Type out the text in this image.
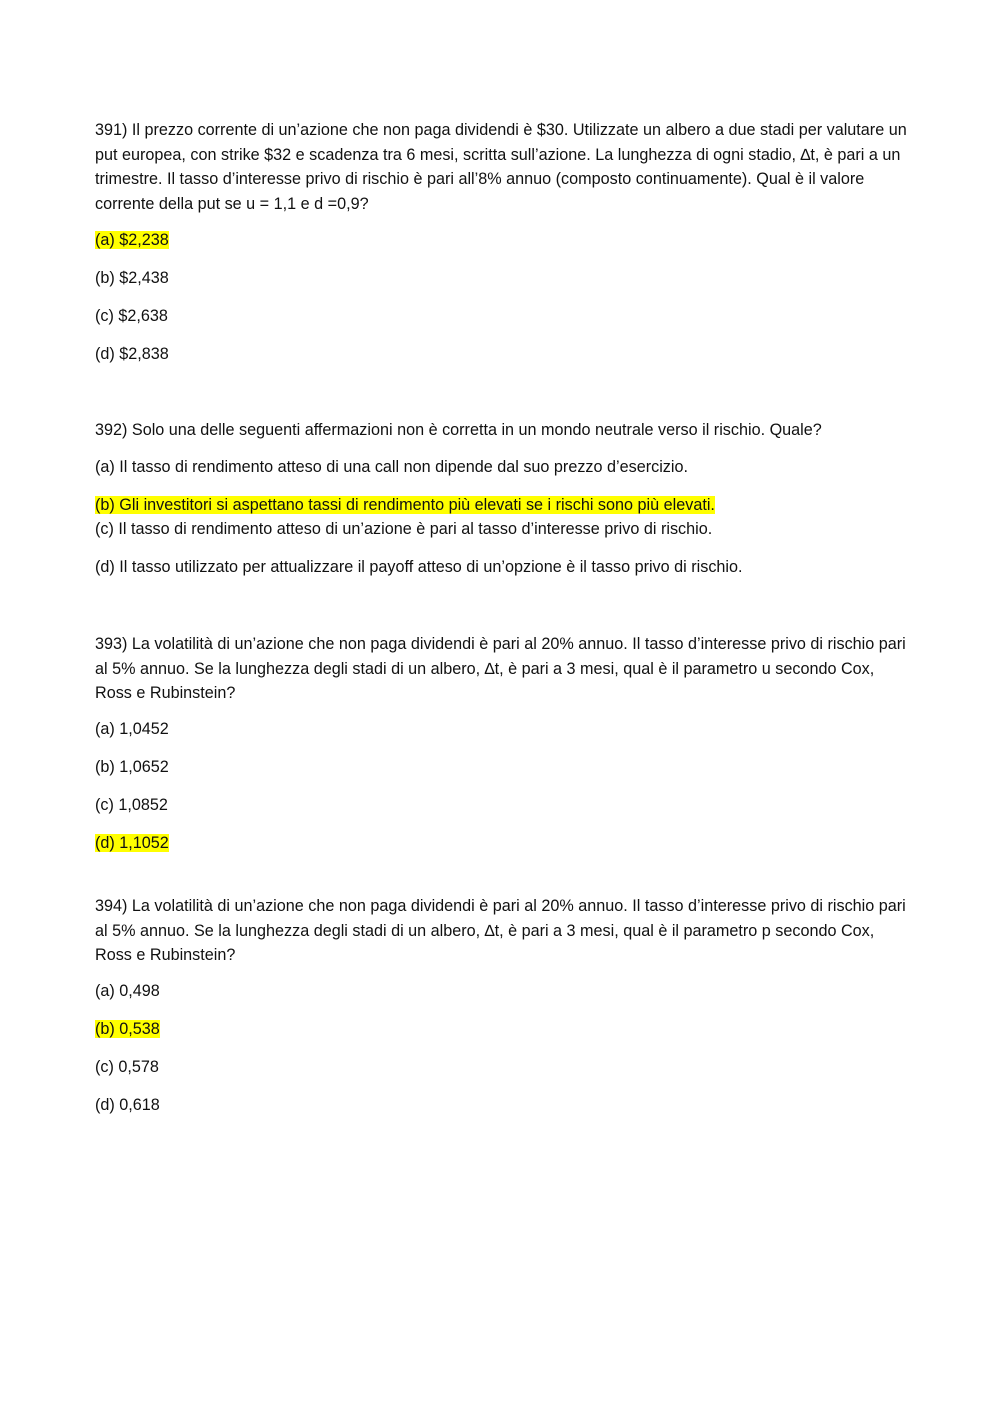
391) Il prezzo corrente di un’azione che non paga dividendi è $30. Utilizzate un albero a due stadi per valutare un put europea, con strike $32 e scadenza tra 6 mesi, scritta sull’azione. La lunghezza di ogni stadio, ∆t, è pari a un trimestre. Il tasso d’interesse privo di rischio è pari all’8% annuo (composto continuamente). Qual è il valore corrente della put se u = 1,1 e d =0,9?

(a) $2,238
(b) $2,438
(c) $2,638
(d) $2,838

392) Solo una delle seguenti affermazioni non è corretta in un mondo neutrale verso il rischio. Quale?

(a) Il tasso di rendimento atteso di una call non dipende dal suo prezzo d’esercizio.
(b) Gli investitori si aspettano tassi di rendimento più elevati se i rischi sono più elevati.
(c) Il tasso di rendimento atteso di un’azione è pari al tasso d’interesse privo di rischio.
(d) Il tasso utilizzato per attualizzare il payoff atteso di un’opzione è il tasso privo di rischio.

393) La volatilità di un’azione che non paga dividendi è pari al 20% annuo. Il tasso d’interesse privo di rischio pari al 5% annuo. Se la lunghezza degli stadi di un albero, ∆t, è pari a 3 mesi, qual è il parametro u secondo Cox, Ross e Rubinstein?

(a) 1,0452
(b) 1,0652
(c) 1,0852
(d) 1,1052

394) La volatilità di un’azione che non paga dividendi è pari al 20% annuo. Il tasso d’interesse privo di rischio pari al 5% annuo. Se la lunghezza degli stadi di un albero, ∆t, è pari a 3 mesi, qual è il parametro p secondo Cox, Ross e Rubinstein?

(a) 0,498
(b) 0,538
(c) 0,578
(d) 0,618
